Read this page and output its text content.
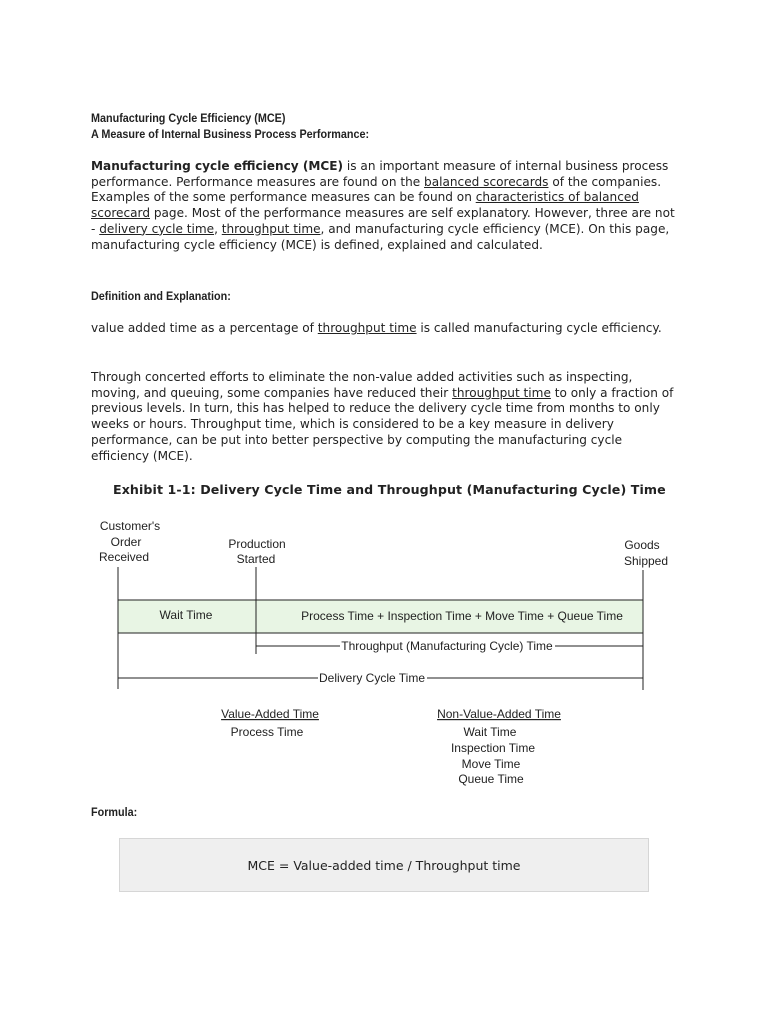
Manufacturing Cycle Efficiency (MCE)
A Measure of Internal Business Process Performance:
Manufacturing cycle efficiency (MCE) is an important measure of internal business process performance. Performance measures are found on the balanced scorecards of the companies. Examples of the some performance measures can be found on characteristics of balanced scorecard page. Most of the performance measures are self explanatory. However, three are not - delivery cycle time, throughput time, and manufacturing cycle efficiency (MCE). On this page, manufacturing cycle efficiency (MCE) is defined, explained and calculated.
Definition and Explanation:
value added time as a percentage of throughput time is called manufacturing cycle efficiency.
Through concerted efforts to eliminate the non-value added activities such as inspecting, moving, and queuing, some companies have reduced their throughput time to only a fraction of previous levels. In turn, this has helped to reduce the delivery cycle time from months to only weeks or hours. Throughput time, which is considered to be a key measure in delivery performance, can be put into better perspective by computing the manufacturing cycle efficiency (MCE).
Exhibit 1-1: Delivery Cycle Time and Throughput (Manufacturing Cycle) Time
Formula:
Customer's
Order
Received
Production
Started
Goods
Shipped
Wait Time	Process Time + Inspection Time + Move Time + Queue Time
Throughput (Manufacturing Cycle) Time
Delivery Cycle Time
Value-Added Time
Process Time
Non-Value-Added Time
Wait Time
Inspection Time
Move Time
Queue Time
MCE = Value-added time / Throughput time
